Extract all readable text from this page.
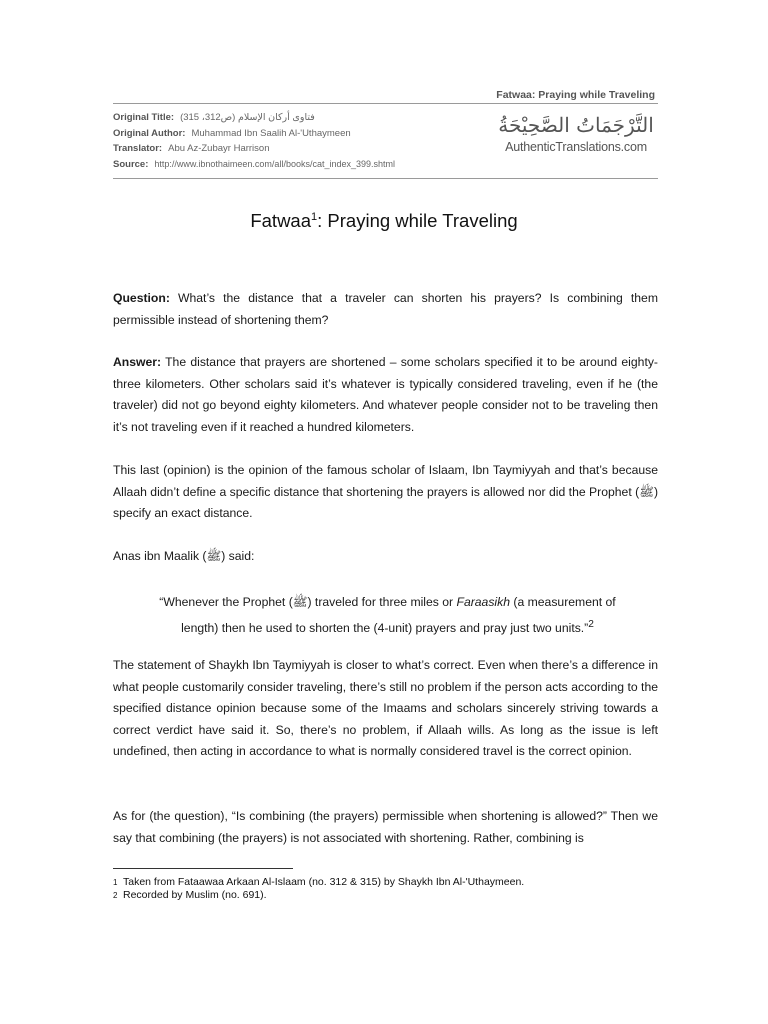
Fatwaa: Praying while Traveling
Original Title: فتاوى أركان الإسلام (ص312، 315)
Original Author: Muhammad Ibn Saalih Al-'Uthaymeen
Translator: Abu Az-Zubayr Harrison
Source: http://www.ibnothaimeen.com/all/books/cat_index_399.shtml
التَّرْجَمَاتُ الصَّحِيْحَةُ
AuthenticTranslations.com
Fatwaa$^1$: Praying while Traveling

Question: What’s the distance that a traveler can shorten his prayers? Is combining them permissible instead of shortening them?

Answer: The distance that prayers are shortened – some scholars specified it to be around eighty-three kilometers. Other scholars said it’s whatever is typically considered traveling, even if he (the traveler) did not go beyond eighty kilometers. And whatever people consider not to be traveling then it’s not traveling even if it reached a hundred kilometers.

This last (opinion) is the opinion of the famous scholar of Islaam, Ibn Taymiyyah and that’s because Allaah didn’t define a specific distance that shortening the prayers is allowed nor did the Prophet (ﷺ) specify an exact distance.

Anas ibn Maalik (ﷺ) said:

“Whenever the Prophet (ﷺ) traveled for three miles or Faraasikh (a measurement of length) then he used to shorten the (4-unit) prayers and pray just two units.”$^2$

The statement of Shaykh Ibn Taymiyyah is closer to what’s correct. Even when there’s a difference in what people customarily consider traveling, there’s still no problem if the person acts according to the specified distance opinion because some of the Imaams and scholars sincerely striving towards a correct verdict have said it. So, there’s no problem, if Allaah wills. As long as the issue is left undefined, then acting in accordance to what is normally considered travel is the correct opinion.

As for (the question), “Is combining (the prayers) permissible when shortening is allowed?” Then we say that combining (the prayers) is not associated with shortening. Rather, combining is

1 Taken from Fataawaa Arkaan Al-Islaam (no. 312 & 315) by Shaykh Ibn Al-'Uthaymeen.
2 Recorded by Muslim (no. 691).
